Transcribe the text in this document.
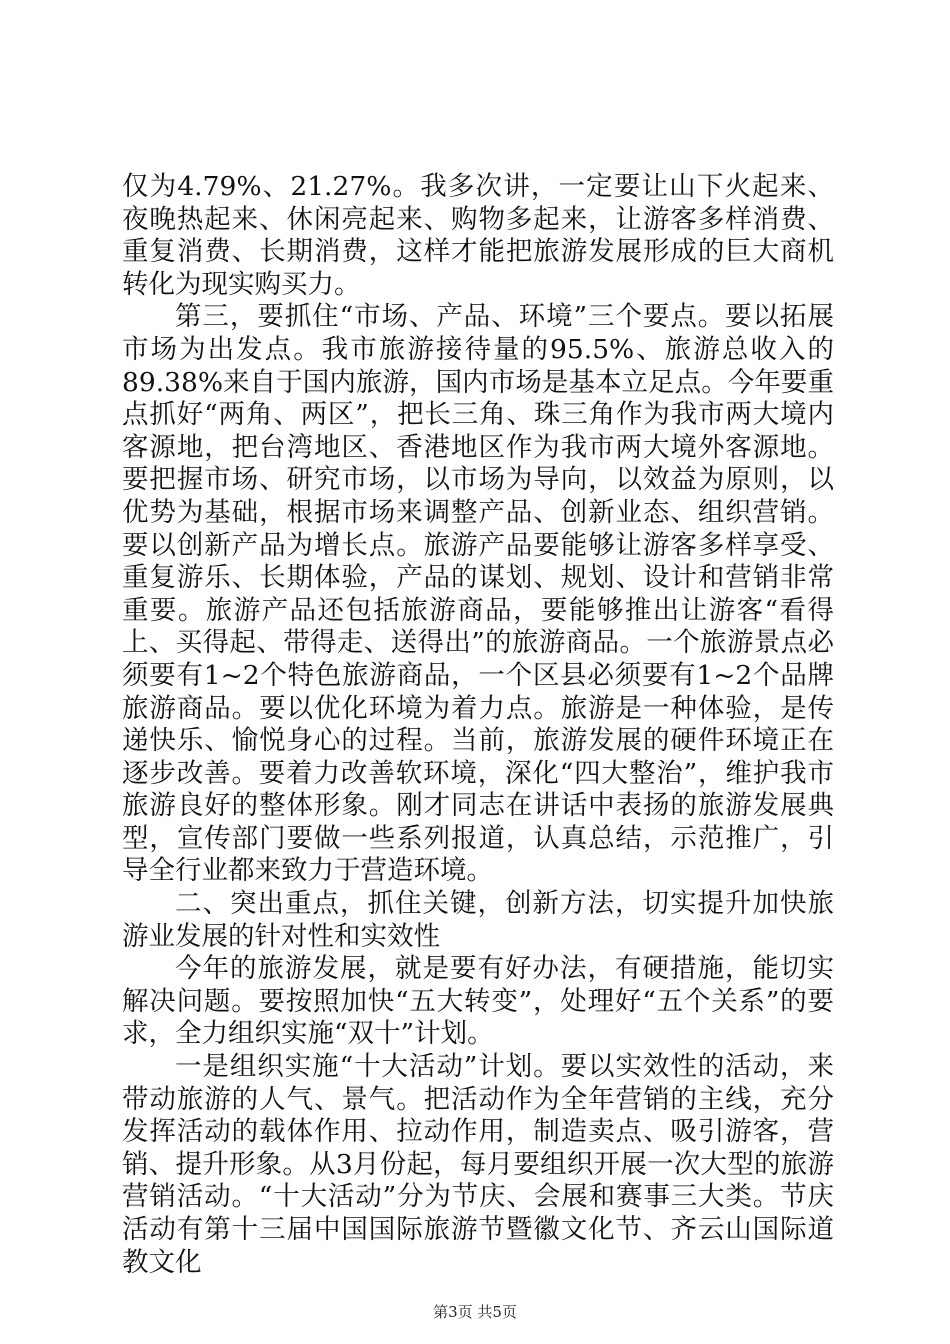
仅为4.79%、21.27%。我多次讲，一定要让山下火起来、夜晚热起来、休闲亮起来、购物多起来，让游客多样消费、重复消费、长期消费，这样才能把旅游发展形成的巨大商机转化为现实购买力。

第三，要抓住“市场、产品、环境”三个要点。要以拓展市场为出发点。我市旅游接待量的95.5%、旅游总收入的89.38%来自于国内旅游，国内市场是基本立足点。今年要重点抓好“两角、两区”，把长三角、珠三角作为我市两大境内客源地，把台湾地区、香港地区作为我市两大境外客源地。要把握市场、研究市场，以市场为导向，以效益为原则，以优势为基础，根据市场来调整产品、创新业态、组织营销。要以创新产品为增长点。旅游产品要能够让游客多样享受、重复游乐、长期体验，产品的谋划、规划、设计和营销非常重要。旅游产品还包括旅游商品，要能够推出让游客“看得上、买得起、带得走、送得出”的旅游商品。一个旅游景点必须要有1~2个特色旅游商品，一个区县必须要有1~2个品牌旅游商品。要以优化环境为着力点。旅游是一种体验，是传递快乐、愉悦身心的过程。当前，旅游发展的硬件环境正在逐步改善。要着力改善软环境，深化“四大整治”，维护我市旅游良好的整体形象。刚才同志在讲话中表扬的旅游发展典型，宣传部门要做一些系列报道，认真总结，示范推广，引导全行业都来致力于营造环境。

二、突出重点，抓住关键，创新方法，切实提升加快旅游业发展的针对性和实效性

今年的旅游发展，就是要有好办法，有硬措施，能切实解决问题。要按照加快“五大转变”，处理好“五个关系”的要求，全力组织实施“双十”计划。

一是组织实施“十大活动”计划。要以实效性的活动，来带动旅游的人气、景气。把活动作为全年营销的主线，充分发挥活动的载体作用、拉动作用，制造卖点、吸引游客，营销、提升形象。从3月份起，每月要组织开展一次大型的旅游营销活动。“十大活动”分为节庆、会展和赛事三大类。节庆活动有第十三届中国国际旅游节暨徽文化节、齐云山国际道教文化

第3页 共5页
